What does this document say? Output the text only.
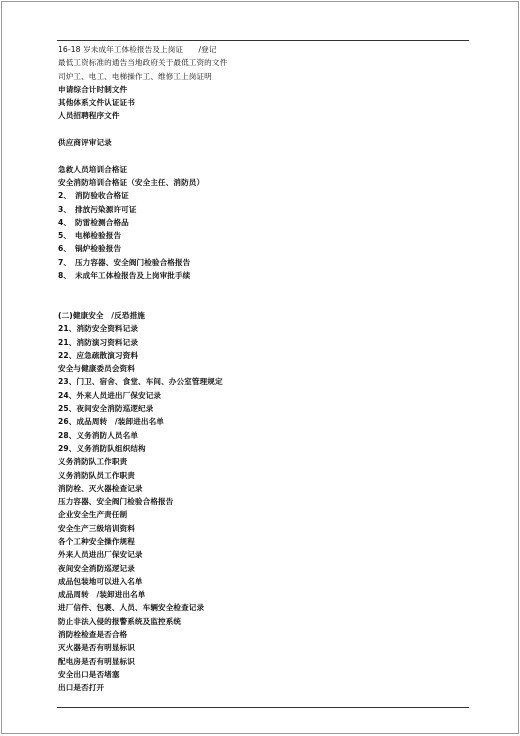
16-18 岁未成年工体检报告及上岗证　　/登记
最低工资标准的通告当地政府关于最低工资的文件
司炉工、电工、电梯操作工、维修工上岗证明
申请综合计时制文件
其他体系文件认证证书
人员招聘程序文件
供应商评审记录
急救人员培训合格证
安全消防培训合格证（安全主任、消防员）
2、　消防验收合格证
3、　排放污染源许可证
4、　防雷检测合格品
5、　电梯检验报告
6、　锅炉检验报告
7、　压力容器、安全阀门检验合格报告
8、　未成年工体检报告及上岗审批手续
(二)健康安全　/反恐措施
21、消防安全资料记录
21、消防演习资料记录
22、应急疏散演习资料
安全与健康委员会资料
23、门卫、宿舍、食堂、车间、办公室管理规定
24、外来人员进出厂保安记录
25、夜间安全消防巡逻纪录
26、成品周转　/装卸进出名单
28、义务消防人员名单
29、义务消防队组织结构
义务消防队工作职责
义务消防队员工作职责
消防栓、灭火器检查记录
压力容器、安全阀门检验合格报告
企业安全生产责任制
安全生产三级培训资料
各个工种安全操作规程
外来人员进出厂保安记录
夜间安全消防巡逻记录
成品包装地可以进入名单
成品周转　/装卸进出名单
进厂信件、包裹、人员、车辆安全检查记录
防止非法入侵的报警系统及监控系统
消防栓检查是否合格
灭火器是否有明显标识
配电房是否有明显标识
安全出口是否堵塞
出口是否打开
